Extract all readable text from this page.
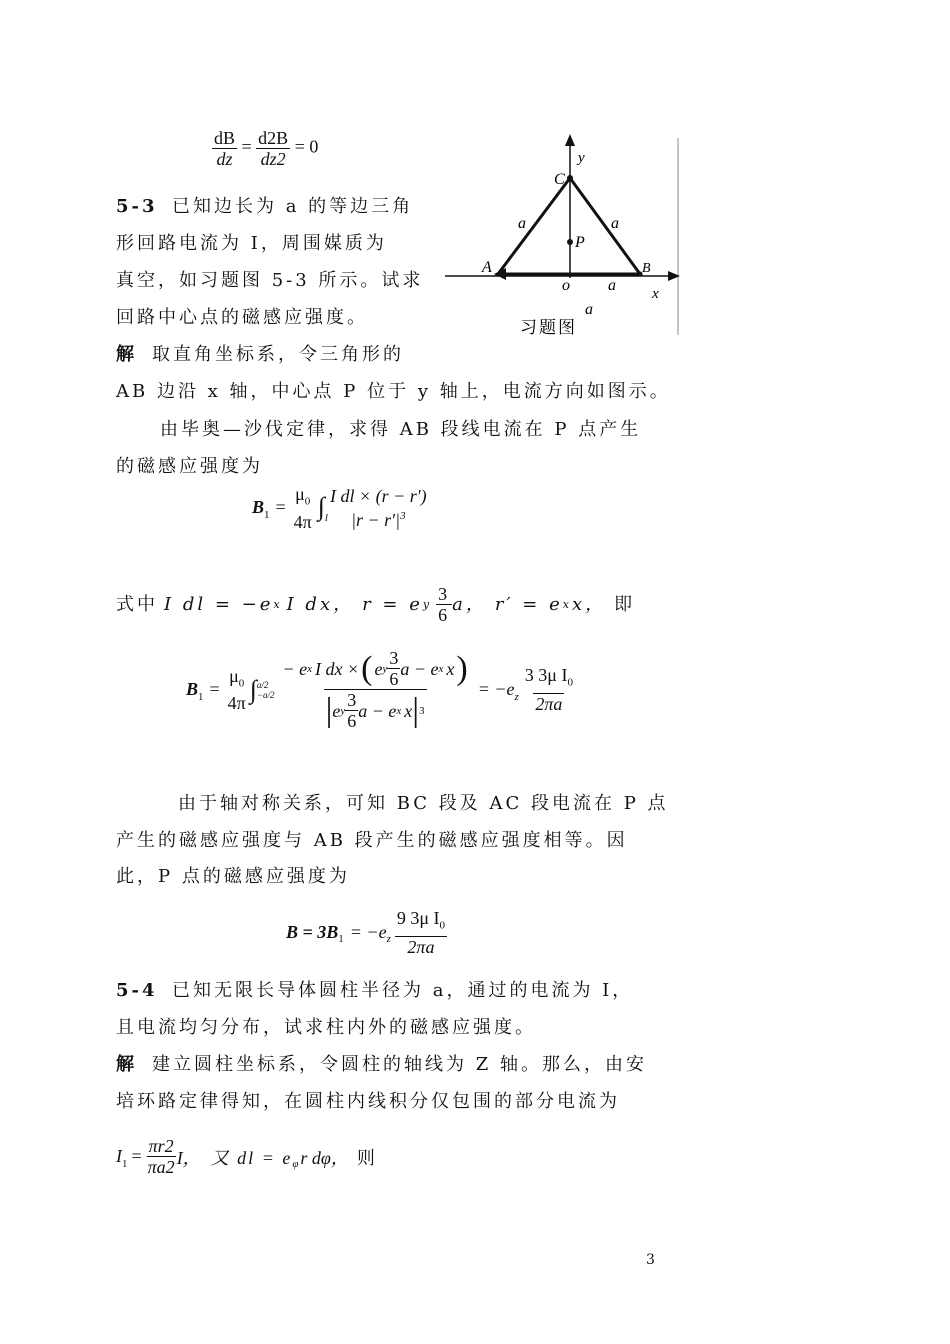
$\frac{dB}{dz} = \frac{d2B}{dz2} = 0$
5-3 已知边长为 a 的等边三角
形回路电流为 I，周围媒质为
真空，如习题图 5-3 所示。试求
回路中心点的磁感应强度。
y
C
a	a
P
A	B
o a x
a
习题图
解 取直角坐标系，令三角形的
AB 边沿 x 轴，中心点 P 位于 y 轴上，电流方向如图示。
由毕奥—沙伐定律，求得 AB 段线电流在 P 点产生
的磁感应强度为
$B_1$ =
$\mu_0$
4π
$\int_l$
I dl × (r − r′)
$|r - r'|^3$
式中 I dl = −e x I dx， r = e y $\frac{3}{6}$ a， r′ = e x x， 即
$B_1$ =
$\mu_0$
4π ∫ a/2
−a/2
− e x I dx × ( e y $\frac{3}{6}$ a − e x x )
| e y $\frac{3}{6}$ a − e x x | 3
= $-e_z \frac{3 3\mu I_0}{2\pi a}$
由于轴对称关系，可知 BC 段及 AC 段电流在 P 点
产生的磁感应强度与 AB 段产生的磁感应强度相等。因
此，P 点的磁感应强度为
$B = 3B_1 = -e_z \frac{9 3\mu I_0}{2\pi a}$
5-4 已知无限长导体圆柱半径为 a，通过的电流为 I，
且电流均匀分布，试求柱内外的磁感应强度。
解 建立圆柱坐标系，令圆柱的轴线为 Z 轴。那么，由安
培环路定律得知，在圆柱内线积分仅包围的部分电流为
$I_1 = \frac{\pi r2}{\pi a2}$ I， 又 dl = $e_\varphi$ r dφ， 则
3
